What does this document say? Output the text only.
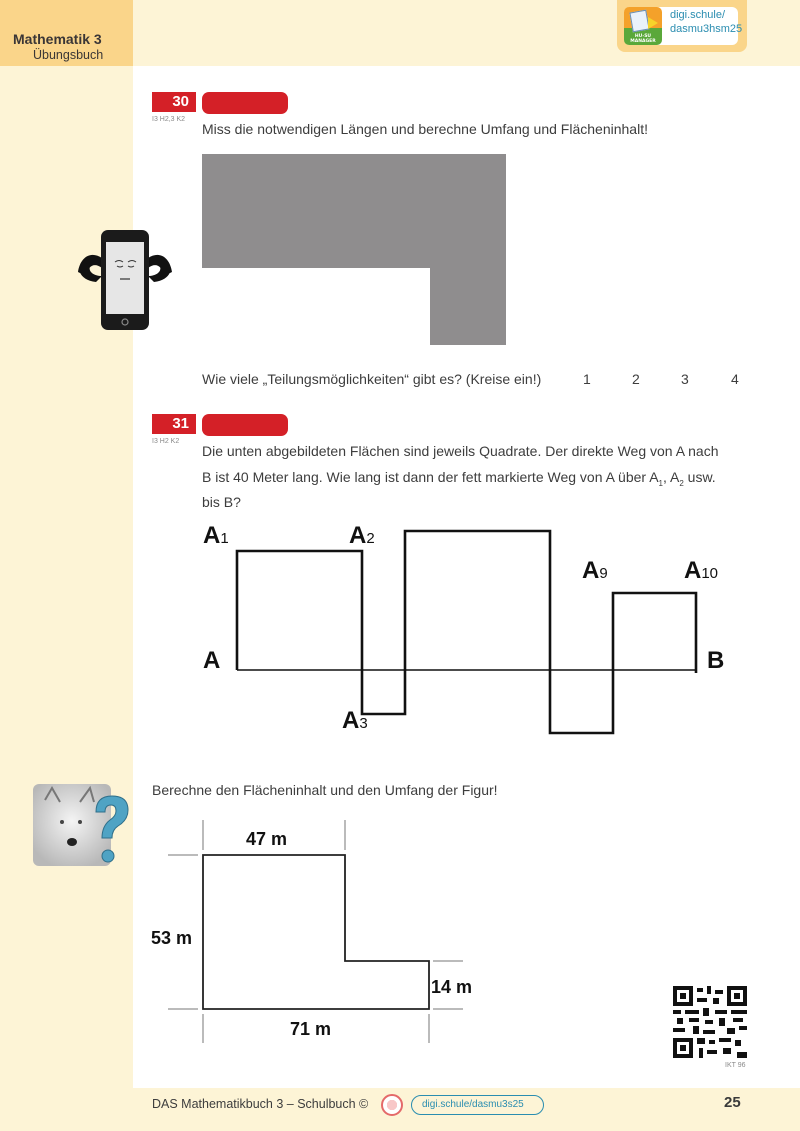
Mathematik 3
Übungsbuch
HU-SU MANAGER
digi.schule/
dasmu3hsm25
30
I3 H2,3 K2
Miss die notwendigen Längen und berechne Umfang und Flächeninhalt!
Wie viele „Teilungsmöglichkeiten“ gibt es? (Kreise ein!)	1	2	3	4
31
I3 H2 K2
Die unten abgebildeten Flächen sind jeweils Quadrate. Der direkte Weg von A nach
B ist 40 Meter lang. Wie lang ist dann der fett markierte Weg von A über $A_1$, $A_2$ usw.
bis B?
A1	A2
A3
A9	A10
A	B
Berechne den Flächeninhalt und den Umfang der Figur!
47 m
53 m
14 m
71 m
IKT 96
DAS Mathematikbuch 3 – Schulbuch ©	digi.schule/dasmu3s25	25
